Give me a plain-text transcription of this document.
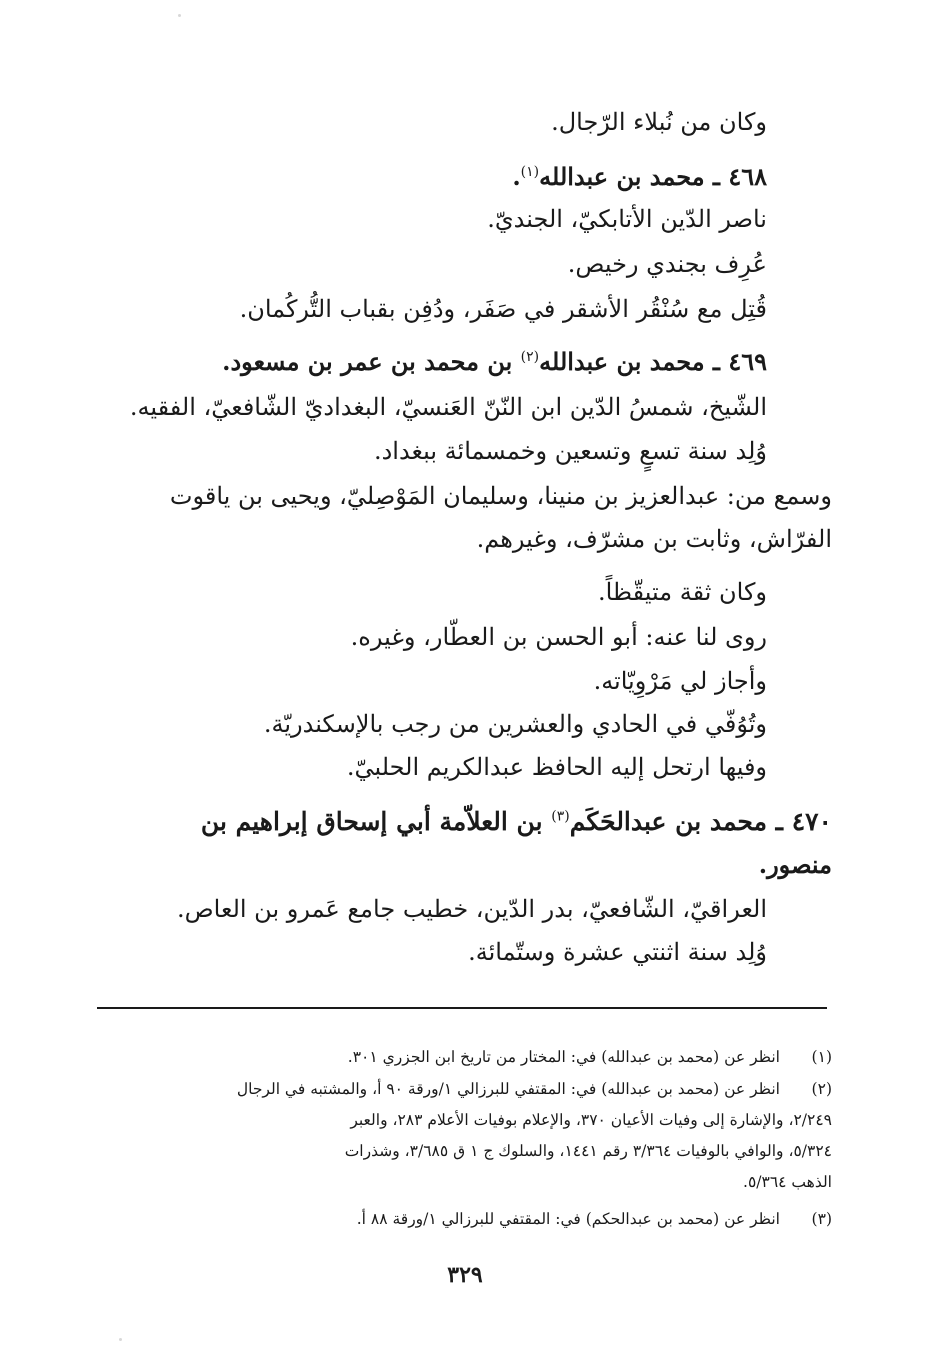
وكان من نُبلاء الرّجال.
٤٦٨ ـ محمد بن عبدالله$^{(١)}$.
ناصر الدّين الأتابكيّ، الجنديّ.
عُرِف بجندي رخيص.
قُتِل مع سُنْقُر الأشقر في صَفَر، ودُفِن بقباب التُّركُمان.
٤٦٩ ـ محمد بن عبدالله$^{(٢)}$ بن محمد بن عمر بن مسعود.
الشّيخ، شمسُ الدّين ابن النّنّ العَنسيّ، البغداديّ الشّافعيّ، الفقيه.
وُلِد سنة تسعٍ وتسعين وخمسمائة ببغداد.
وسمع من: عبدالعزيز بن منينا، وسليمان المَوْصِليّ، ويحيى بن ياقوت
الفرّاش، وثابت بن مشرّف، وغيرهم.
وكان ثقة متيقّظاً.
روى لنا عنه: أبو الحسن بن العطّار، وغيره.
وأجاز لي مَرْوِيّاته.
وتُوُفّي في الحادي والعشرين من رجب بالإسكندريّة.
وفيها ارتحل إليه الحافظ عبدالكريم الحلبيّ.
٤٧٠ ـ محمد بن عبدالحَكَم$^{(٣)}$ بن العلاّمة أبي إسحاق إبراهيم بن
منصور.
العراقيّ، الشّافعيّ، بدر الدّين، خطيب جامع عَمرو بن العاص.
وُلِد سنة اثنتي عشرة وستّمائة.
(١)
انظر عن (محمد بن عبدالله) في: المختار من تاريخ ابن الجزري ٣٠١.
(٢)
انظر عن (محمد بن عبدالله) في: المقتفي للبرزالي ١/ورقة ٩٠ أ، والمشتبه في الرجال
٢/٢٤٩، والإشارة إلى وفيات الأعيان ٣٧٠، والإعلام بوفيات الأعلام ٢٨٣، والعبر
٥/٣٢٤، والوافي بالوفيات ٣/٣٦٤ رقم ١٤٤١، والسلوك ج ١ ق ٣/٦٨٥، وشذرات
الذهب ٥/٣٦٤.
(٣)
انظر عن (محمد بن عبدالحكم) في: المقتفي للبرزالي ١/ورقة ٨٨ أ.
٣٢٩
